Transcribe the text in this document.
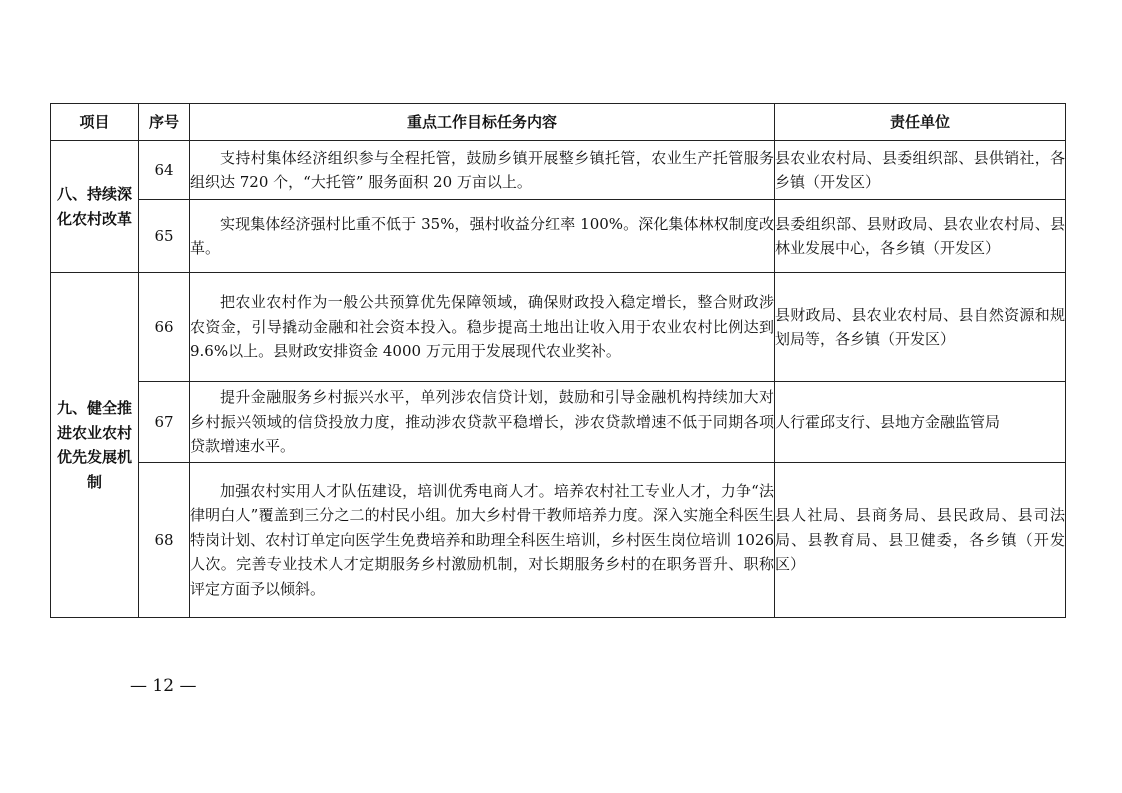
项目	序号	重点工作目标任务内容	责任单位
八、持续深化农村改革	64	支持村集体经济组织参与全程托管，鼓励乡镇开展整乡镇托管，农业生产托管服务组织达 720 个，“大托管” 服务面积 20 万亩以上。	县农业农村局、县委组织部、县供销社，各乡镇（开发区）
	65	实现集体经济强村比重不低于 35%，强村收益分红率 100%。深化集体林权制度改革。	县委组织部、县财政局、县农业农村局、县林业发展中心，各乡镇（开发区）
九、健全推进农业农村优先发展机制	66	把农业农村作为一般公共预算优先保障领域，确保财政投入稳定增长，整合财政涉农资金，引导撬动金融和社会资本投入。稳步提高土地出让收入用于农业农村比例达到 9.6%以上。县财政安排资金 4000 万元用于发展现代农业奖补。	县财政局、县农业农村局、县自然资源和规划局等，各乡镇（开发区）
	67	提升金融服务乡村振兴水平，单列涉农信贷计划，鼓励和引导金融机构持续加大对乡村振兴领域的信贷投放力度，推动涉农贷款平稳增长，涉农贷款增速不低于同期各项贷款增速水平。	人行霍邱支行、县地方金融监管局
	68	加强农村实用人才队伍建设，培训优秀电商人才。培养农村社工专业人才，力争“法律明白人”覆盖到三分之二的村民小组。加大乡村骨干教师培养力度。深入实施全科医生特岗计划、农村订单定向医学生免费培养和助理全科医生培训，乡村医生岗位培训 1026 人次。完善专业技术人才定期服务乡村激励机制，对长期服务乡村的在职务晋升、职称评定方面予以倾斜。	县人社局、县商务局、县民政局、县司法局、县教育局、县卫健委，各乡镇（开发区）
— 12 —
